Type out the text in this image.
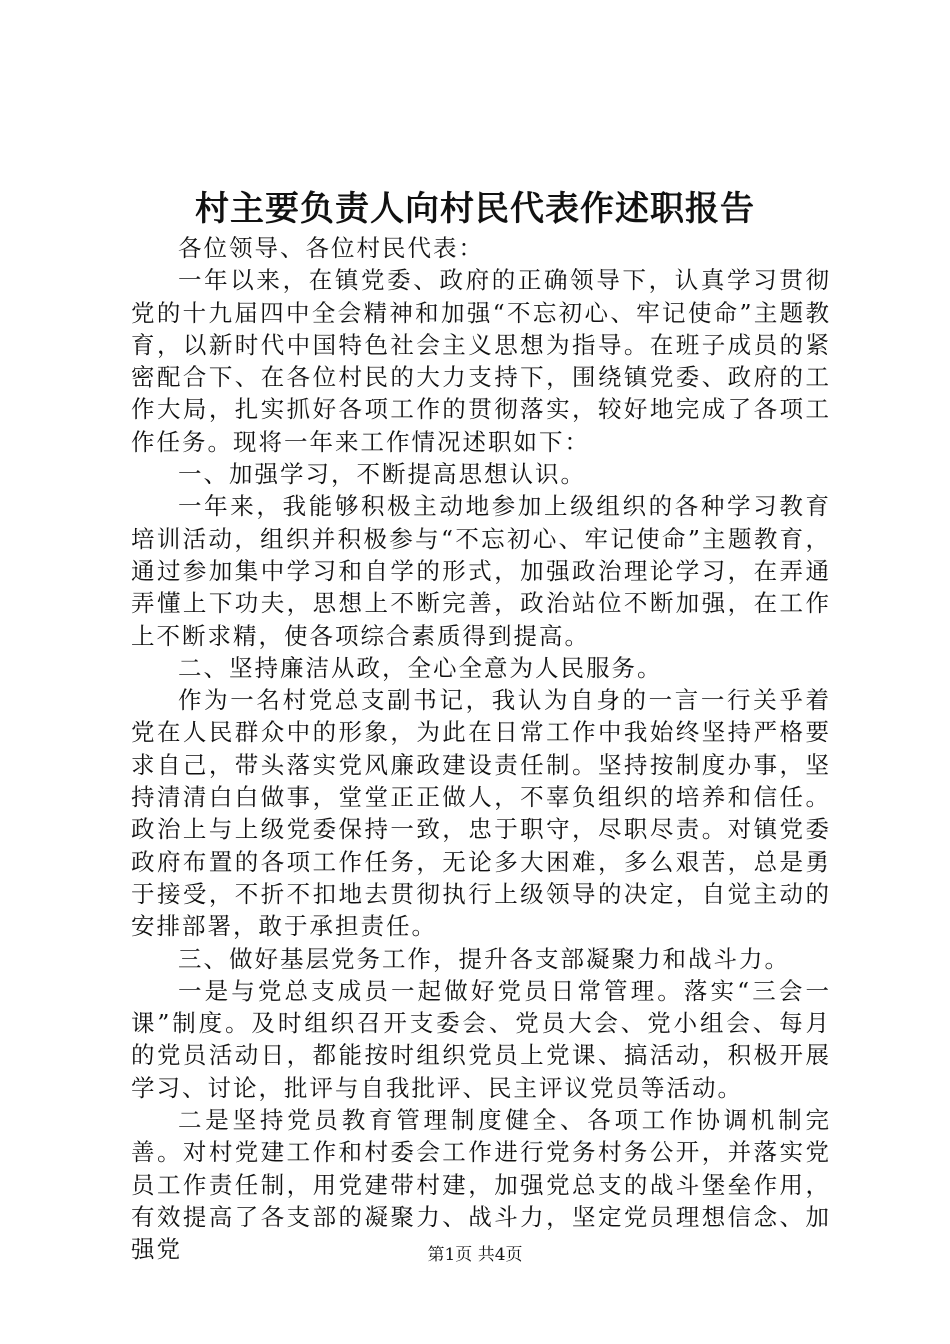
村主要负责人向村民代表作述职报告

各位领导、各位村民代表：

一年以来，在镇党委、政府的正确领导下，认真学习贯彻党的十九届四中全会精神和加强“不忘初心、牢记使命”主题教育，以新时代中国特色社会主义思想为指导。在班子成员的紧密配合下、在各位村民的大力支持下，围绕镇党委、政府的工作大局，扎实抓好各项工作的贯彻落实，较好地完成了各项工作任务。现将一年来工作情况述职如下：

一、加强学习，不断提高思想认识。

一年来，我能够积极主动地参加上级组织的各种学习教育培训活动，组织并积极参与“不忘初心、牢记使命”主题教育，通过参加集中学习和自学的形式，加强政治理论学习，在弄通弄懂上下功夫，思想上不断完善，政治站位不断加强，在工作上不断求精，使各项综合素质得到提高。

二、坚持廉洁从政，全心全意为人民服务。

作为一名村党总支副书记，我认为自身的一言一行关乎着党在人民群众中的形象，为此在日常工作中我始终坚持严格要求自己，带头落实党风廉政建设责任制。坚持按制度办事，坚持清清白白做事，堂堂正正做人，不辜负组织的培养和信任。政治上与上级党委保持一致，忠于职守，尽职尽责。对镇党委政府布置的各项工作任务，无论多大困难，多么艰苦，总是勇于接受，不折不扣地去贯彻执行上级领导的决定，自觉主动的安排部署，敢于承担责任。

三、做好基层党务工作，提升各支部凝聚力和战斗力。

一是与党总支成员一起做好党员日常管理。落实“三会一课”制度。及时组织召开支委会、党员大会、党小组会、每月的党员活动日，都能按时组织党员上党课、搞活动，积极开展学习、讨论，批评与自我批评、民主评议党员等活动。

二是坚持党员教育管理制度健全、各项工作协调机制完善。对村党建工作和村委会工作进行党务村务公开，并落实党员工作责任制，用党建带村建，加强党总支的战斗堡垒作用，有效提高了各支部的凝聚力、战斗力，坚定党员理想信念、加强党	第1页 共4页
